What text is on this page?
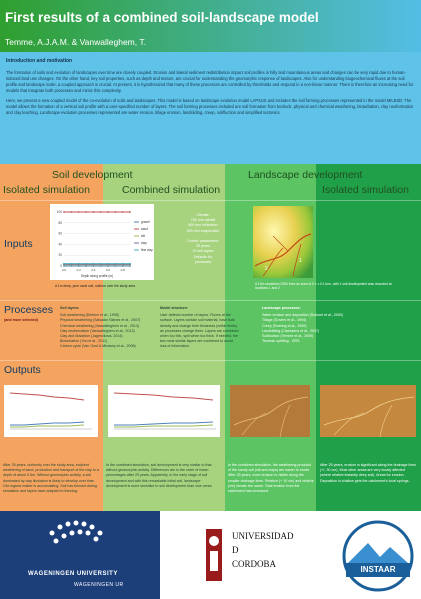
First results of a combined soil-landscape model
Temme, A.J.A.M. & Vanwalleghem, T.
Introduction and motivation

The formation of soils and evolution of landscapes over time are closely coupled. Erosion and lateral sediment redistribution impact soil profiles in hilly and mountainous areas and changes can be very rapid due to human-induced land use changes. On the other hand, key soil properties, such as depth and texture, are crucial for understanding the geomorphic response of landscapes. Also for understanding biogeochemical fluxes at the soil profile and landscape scale, a coupled approach is crucial. At present, it is hypothesized that many of these processes are controlled by thresholds and respond in a non-linear manner. There is therefore an increasing need for models that integrate both processes and mimic this complexity.

Here, we present a new coupled model of the co-evolution of soils and landscapes. This model is based on landscape evolution model LAPSUS and includes the soil forming processes represented in the model MILESD. The model allows the formation of a vertical soil profile with a user-specified number of layers. The soil forming processes included are soil formation from bedrock, physical and chemical weathering, bioturbation, clay neoformation and clay leaching. Landscape evolution processes represented are water erosion, tillage erosion, landsliding, creep, solifluction and simplified tectonics.

Soil development	Landscape development
Isolated simulation	Combined simulation	Isolated simulation
Inputs
0
20
40
60
80
100
0.0	0.2	0.4	0.6	0.8
Depth along profile (m)
gravel
sand
silt
clay
fine clay
A 1m deep, pure sand soil, uniform over the study area
Climate:
750 mm rainfall
500 mm infiltration
300 mm evaporation

Control parameters:
25 years
10 soil layers
Defaults for
processes
2
1
A 10m resolution DEM from an area of 0.1 x 0.1 km², with 1 soil development was recorded at locations 1 and 2
Processes
(and more selected)
Soil layers:
Soil weathering (Dietrich et al., 1995)
Physical weathering (Salvador Blanes et al., 2007)
Chemical weathering (Vanwalleghem et al., 2013)
Clay neoformation (Vanwalleghem et al., 2013)
Clay and illuviation (Jagercikova, 2014)
Bioturbation (Yoo et al., 2011)
Carbon cycle (Van Oost & Minasny et al., 2008)
Model structure:
User defined number of layers. Fluxes at the surface. Layers contain soil material, have bulk density and change their thickness (within limits) as processes change them. Layers are combined when too thin, split when too thick. If needed, the two most similar layers are combined to avoid loss of information.
Landscape processes:
Water erosion and deposition (Schoorl et al., 2000)
Tillage (Govers et al., 1994)
Creep (Roering et al., 1999)
Landsliding (Claessens et al., 2007)
Solifluction (Temme et al., 2009)
Tectonic uplifting - GRS
Outputs
After 25 years, uniformly over the study area, incipient weathering of sand, production and transport of the clay to a depth of about 0.5m. Without geomorphic activity, a soil dominated by clay illuviation is likely to develop over time. Old organic matter is accumulating. Soil has thinned during simulation and layers have adapted to thinning.
In the combined simulation, soil development is very similar to that without geomorphic activity. Differences are in the order of mean percentages after 25 years. Apparently, in the early stage of soil development and with this remarkable initial soil, landscape development is more sensitive to soil development than vice versa.
In the combined simulation, the weathering products of the sandy soil (silt and clays) are easier to erode. After 25 years, more erosion is visible along the smaller drainage lines. Relative (+ 10 cm) and relative (cm) remain the same. Total erosion from the catchment has increased.
After 25 years, erosion is significant along the drainage lines (+/- 30 cm). Most other areas are very slowly affected (where relative instantly deep soil). Areas for erosion. Deposition in shallow gets the catchment's local springs.
WAGENINGEN UNIVERSITY
WAGENINGEN UR
UNIVERSIDAD
D
CORDOBA
INSTAAR
